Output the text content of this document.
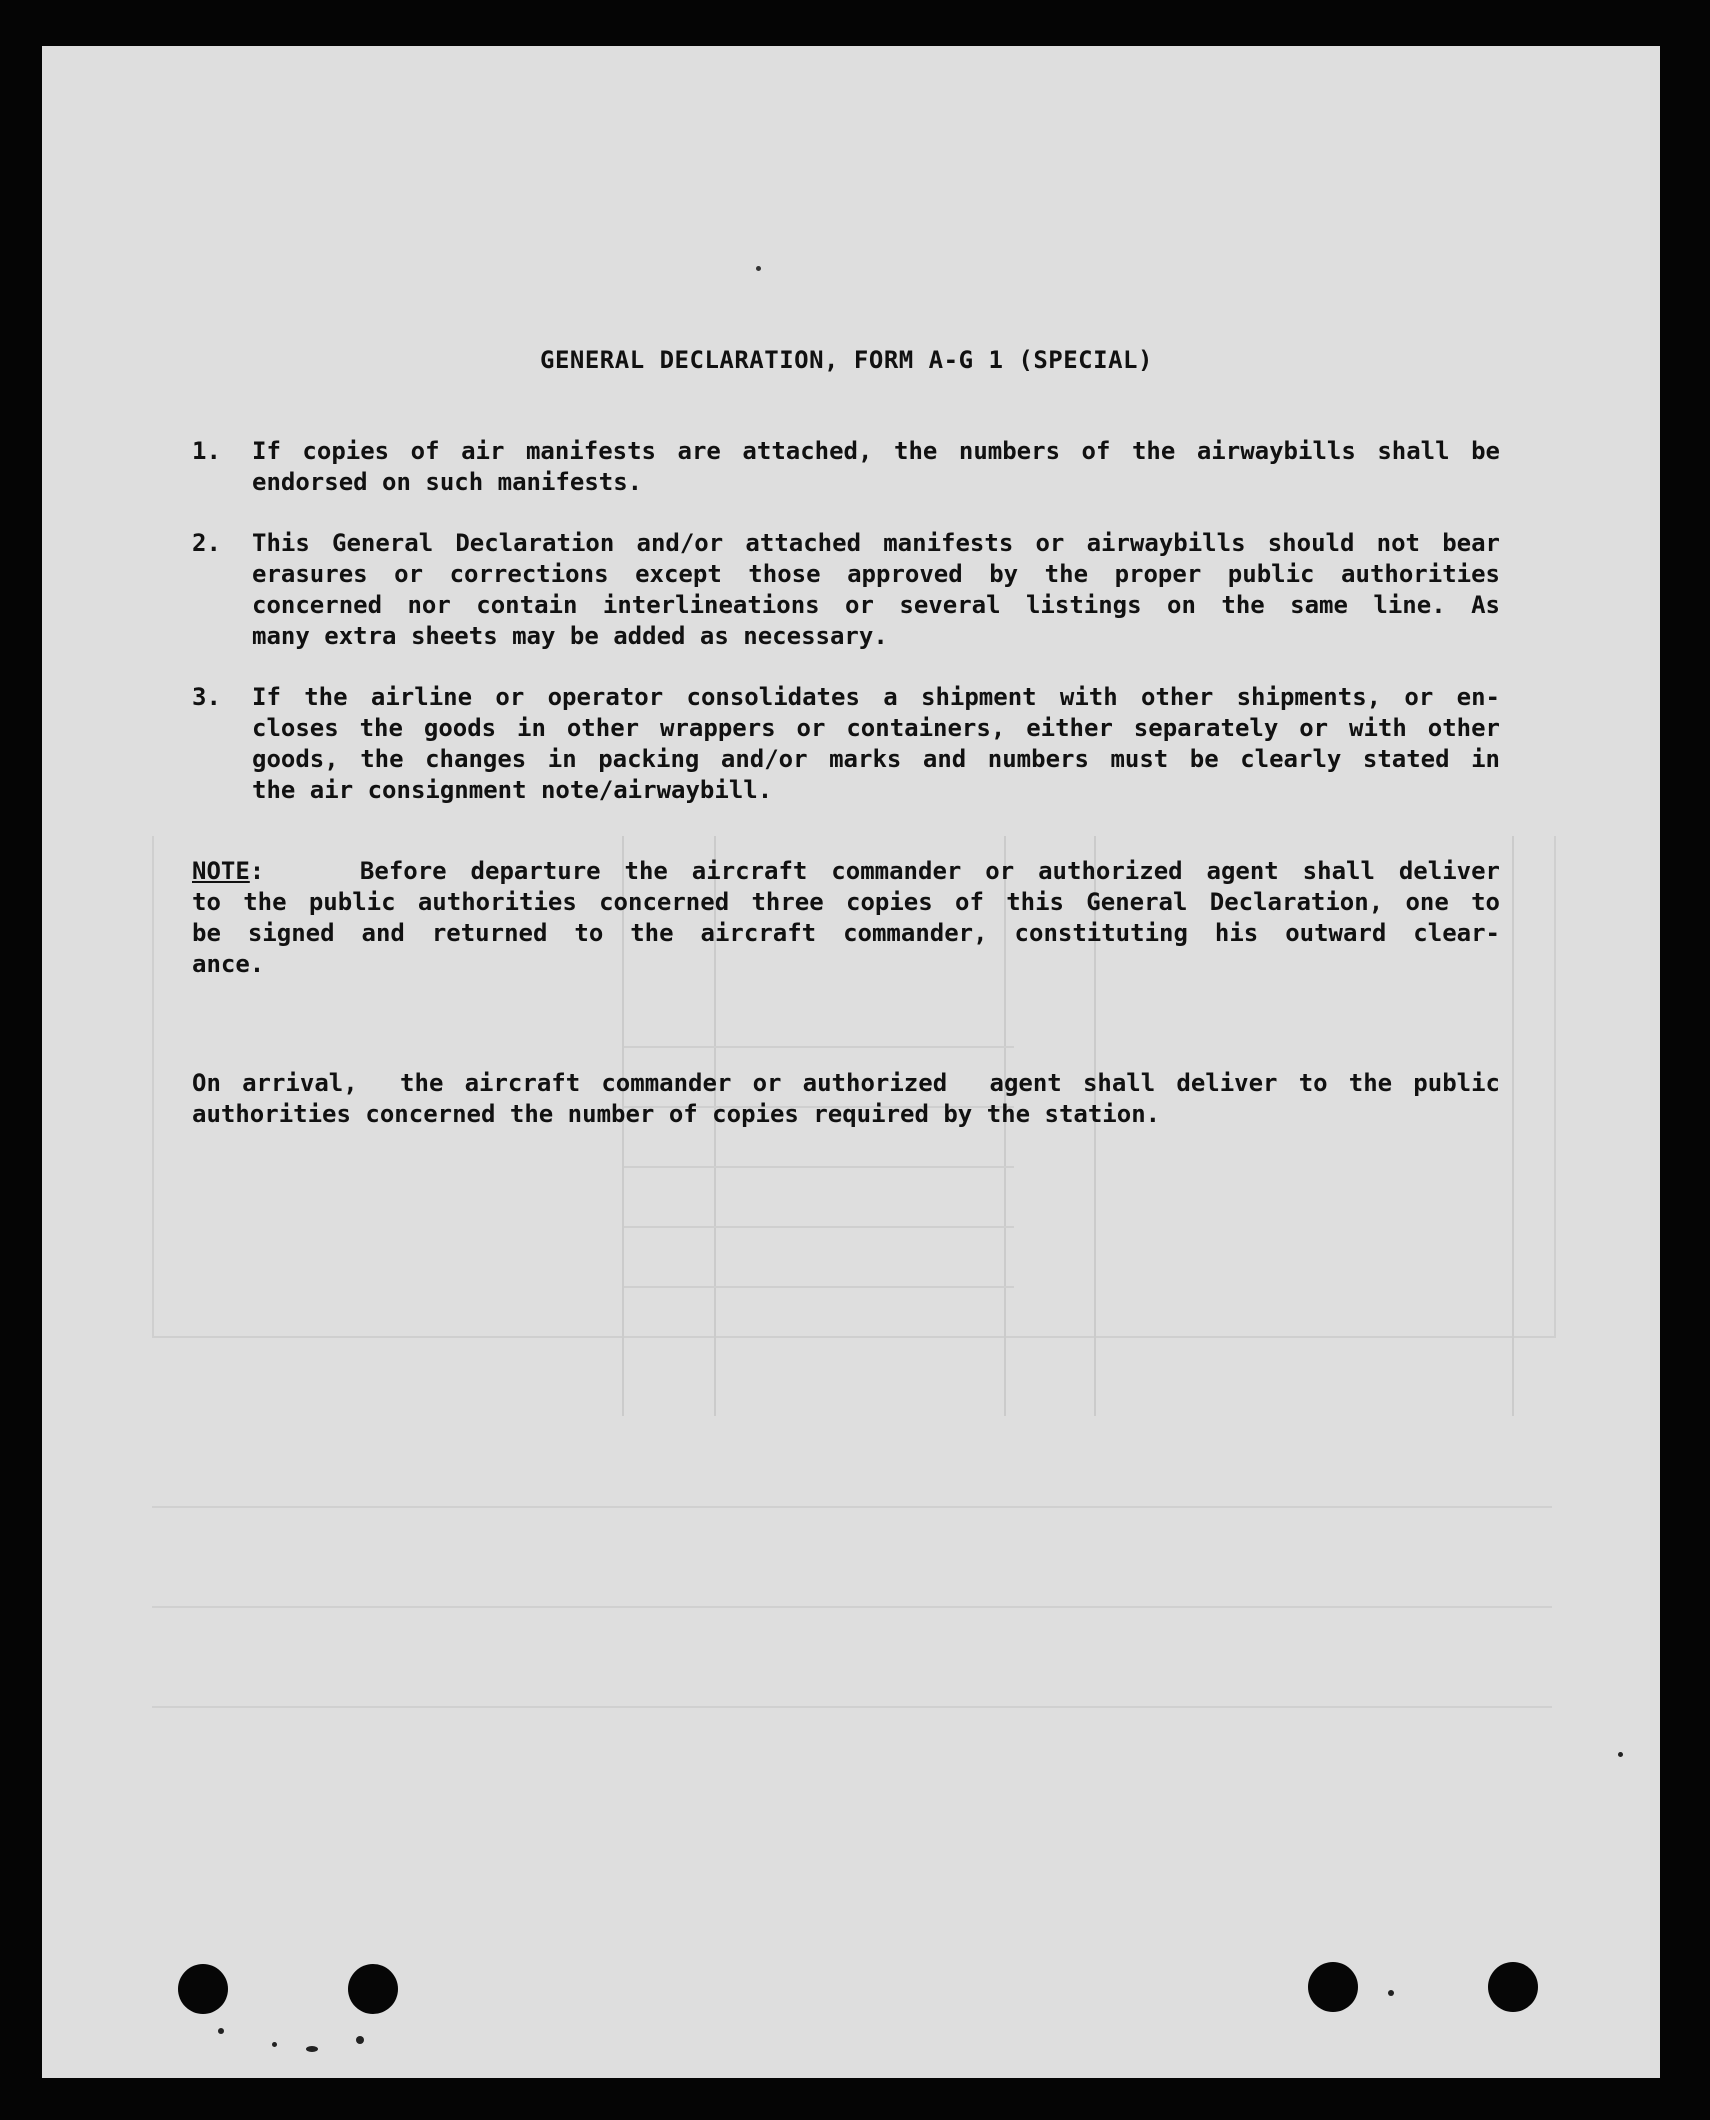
GENERAL DECLARATION, FORM A-G 1 (SPECIAL)
1.	If copies of air manifests are attached, the numbers of the airwaybills shall be
endorsed on such manifests.
2.	This General Declaration and/or attached manifests or airwaybills should not bear
erasures or corrections except those approved by the proper public authorities
concerned nor contain interlineations or several listings on the same line. As
many extra sheets may be added as necessary.
3.	If the airline or operator consolidates a shipment with other shipments, or en-
closes the goods in other wrappers or containers, either separately or with other
goods, the changes in packing and/or marks and numbers must be clearly stated in
the air consignment note/airwaybill.
NOTE:    Before departure the aircraft commander or authorized agent shall deliver
to the public authorities concerned three copies of this General Declaration, one to
be signed and returned to the aircraft commander, constituting his outward clear-
ance.
On arrival,  the aircraft commander or authorized  agent shall deliver to the public
authorities concerned the number of copies required by the station.
